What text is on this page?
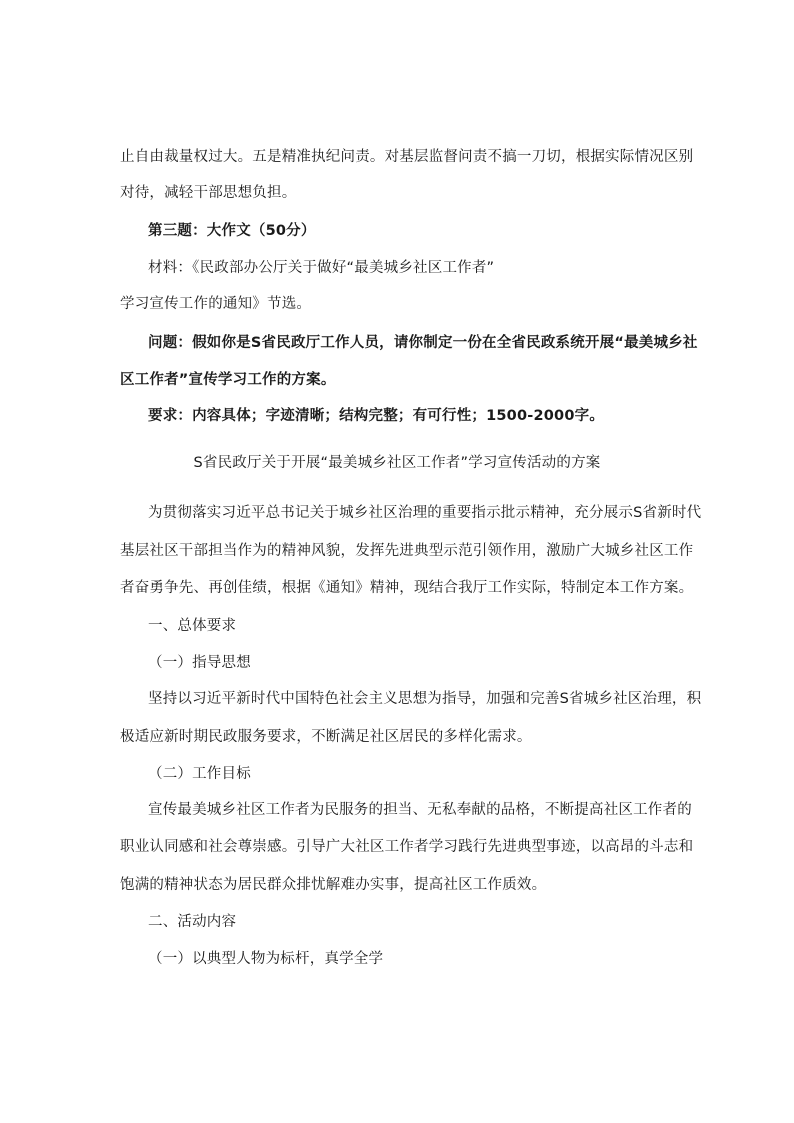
止自由裁量权过大。五是精准执纪问责。对基层监督问责不搞一刀切，根据实际情况区别
对待，减轻干部思想负担。
第三题：大作文（50分）
材料：《民政部办公厅关于做好“最美城乡社区工作者”
学习宣传工作的通知》节选。
问题：假如你是S省民政厅工作人员，请你制定一份在全省民政系统开展“最美城乡社
区工作者”宣传学习工作的方案。
要求：内容具体；字迹清晰；结构完整；有可行性；1500-2000字。
S省民政厅关于开展“最美城乡社区工作者”学习宣传活动的方案
为贯彻落实习近平总书记关于城乡社区治理的重要指示批示精神，充分展示S省新时代
基层社区干部担当作为的精神风貌，发挥先进典型示范引领作用，激励广大城乡社区工作
者奋勇争先、再创佳绩，根据《通知》精神，现结合我厅工作实际，特制定本工作方案。
一、总体要求
（一）指导思想
坚持以习近平新时代中国特色社会主义思想为指导，加强和完善S省城乡社区治理，积
极适应新时期民政服务要求，不断满足社区居民的多样化需求。
（二）工作目标
宣传最美城乡社区工作者为民服务的担当、无私奉献的品格，不断提高社区工作者的
职业认同感和社会尊崇感。引导广大社区工作者学习践行先进典型事迹，以高昂的斗志和
饱满的精神状态为居民群众排忧解难办实事，提高社区工作质效。
二、活动内容
（一）以典型人物为标杆，真学全学
